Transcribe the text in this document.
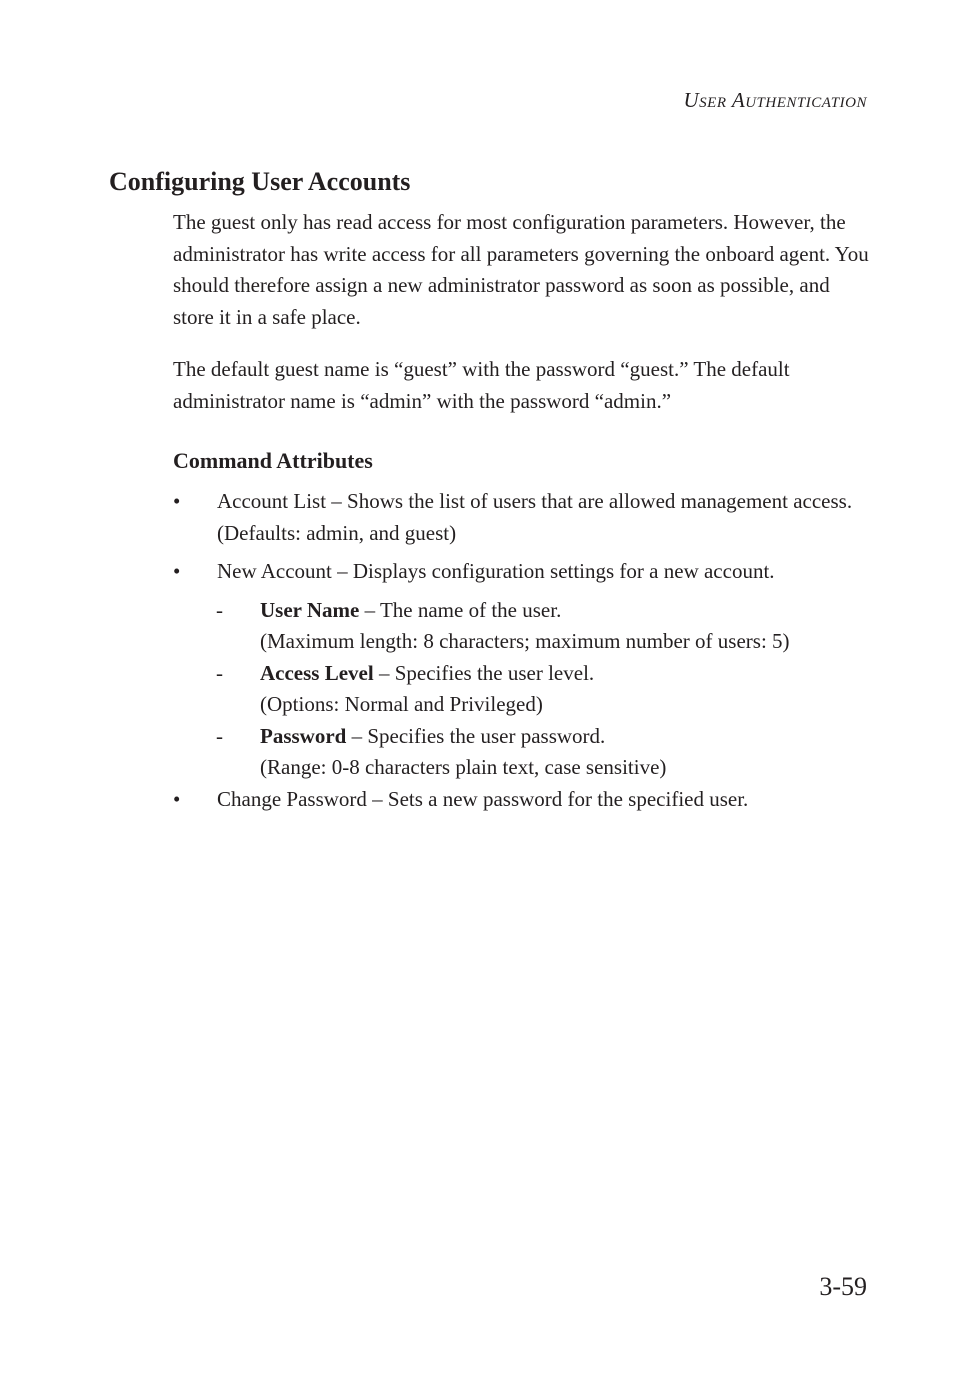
User Authentication
Configuring User Accounts

The guest only has read access for most configuration parameters. However, the administrator has write access for all parameters governing the onboard agent. You should therefore assign a new administrator password as soon as possible, and store it in a safe place.

The default guest name is “guest” with the password “guest.” The default administrator name is “admin” with the password “admin.”

Command Attributes
• Account List – Shows the list of users that are allowed management access. (Defaults: admin, and guest)
• New Account – Displays configuration settings for a new account.
- User Name – The name of the user.
(Maximum length: 8 characters; maximum number of users: 5)
- Access Level – Specifies the user level.
(Options: Normal and Privileged)
- Password – Specifies the user password.
(Range: 0-8 characters plain text, case sensitive)
• Change Password – Sets a new password for the specified user.
3-59
